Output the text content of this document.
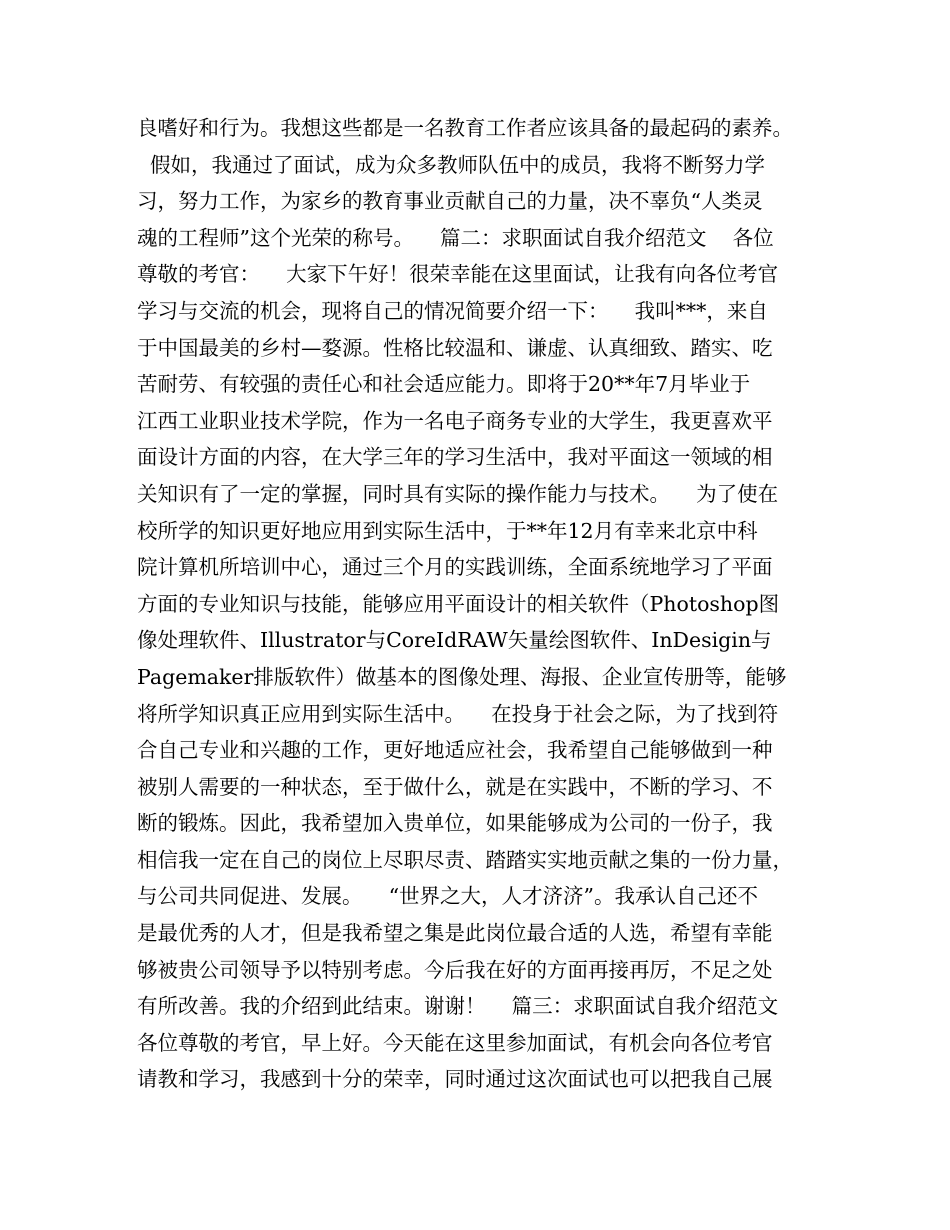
良嗜好和行为。我想这些都是一名教育工作者应该具备的最起码的素养。
假如，我通过了面试，成为众多教师队伍中的成员，我将不断努力学
习，努力工作，为家乡的教育事业贡献自己的力量，决不辜负“人类灵
魂的工程师”这个光荣的称号。    篇二：求职面试自我介绍范文    各位
尊敬的考官：    大家下午好！很荣幸能在这里面试，让我有向各位考官
学习与交流的机会，现将自己的情况简要介绍一下：    我叫***，来自
于中国最美的乡村—婺源。性格比较温和、谦虚、认真细致、踏实、吃
苦耐劳、有较强的责任心和社会适应能力。即将于20**年7月毕业于
江西工业职业技术学院，作为一名电子商务专业的大学生，我更喜欢平
面设计方面的内容，在大学三年的学习生活中，我对平面这一领域的相
关知识有了一定的掌握，同时具有实际的操作能力与技术。    为了使在
校所学的知识更好地应用到实际生活中，于**年12月有幸来北京中科
院计算机所培训中心，通过三个月的实践训练，全面系统地学习了平面
方面的专业知识与技能，能够应用平面设计的相关软件（Photoshop图
像处理软件、Illustrator与CoreIdRAW矢量绘图软件、InDesigin与
Pagemaker排版软件）做基本的图像处理、海报、企业宣传册等，能够
将所学知识真正应用到实际生活中。    在投身于社会之际，为了找到符
合自己专业和兴趣的工作，更好地适应社会，我希望自己能够做到一种
被别人需要的一种状态，至于做什么，就是在实践中，不断的学习、不
断的锻炼。因此，我希望加入贵单位，如果能够成为公司的一份子，我
相信我一定在自己的岗位上尽职尽责、踏踏实实地贡献之集的一份力量，
与公司共同促进、发展。    “世界之大，人才济济”。我承认自己还不
是最优秀的人才，但是我希望之集是此岗位最合适的人选，希望有幸能
够被贵公司领导予以特别考虑。今后我在好的方面再接再厉，不足之处
有所改善。我的介绍到此结束。谢谢！    篇三：求职面试自我介绍范文
各位尊敬的考官，早上好。今天能在这里参加面试，有机会向各位考官
请教和学习，我感到十分的荣幸，同时通过这次面试也可以把我自己展
